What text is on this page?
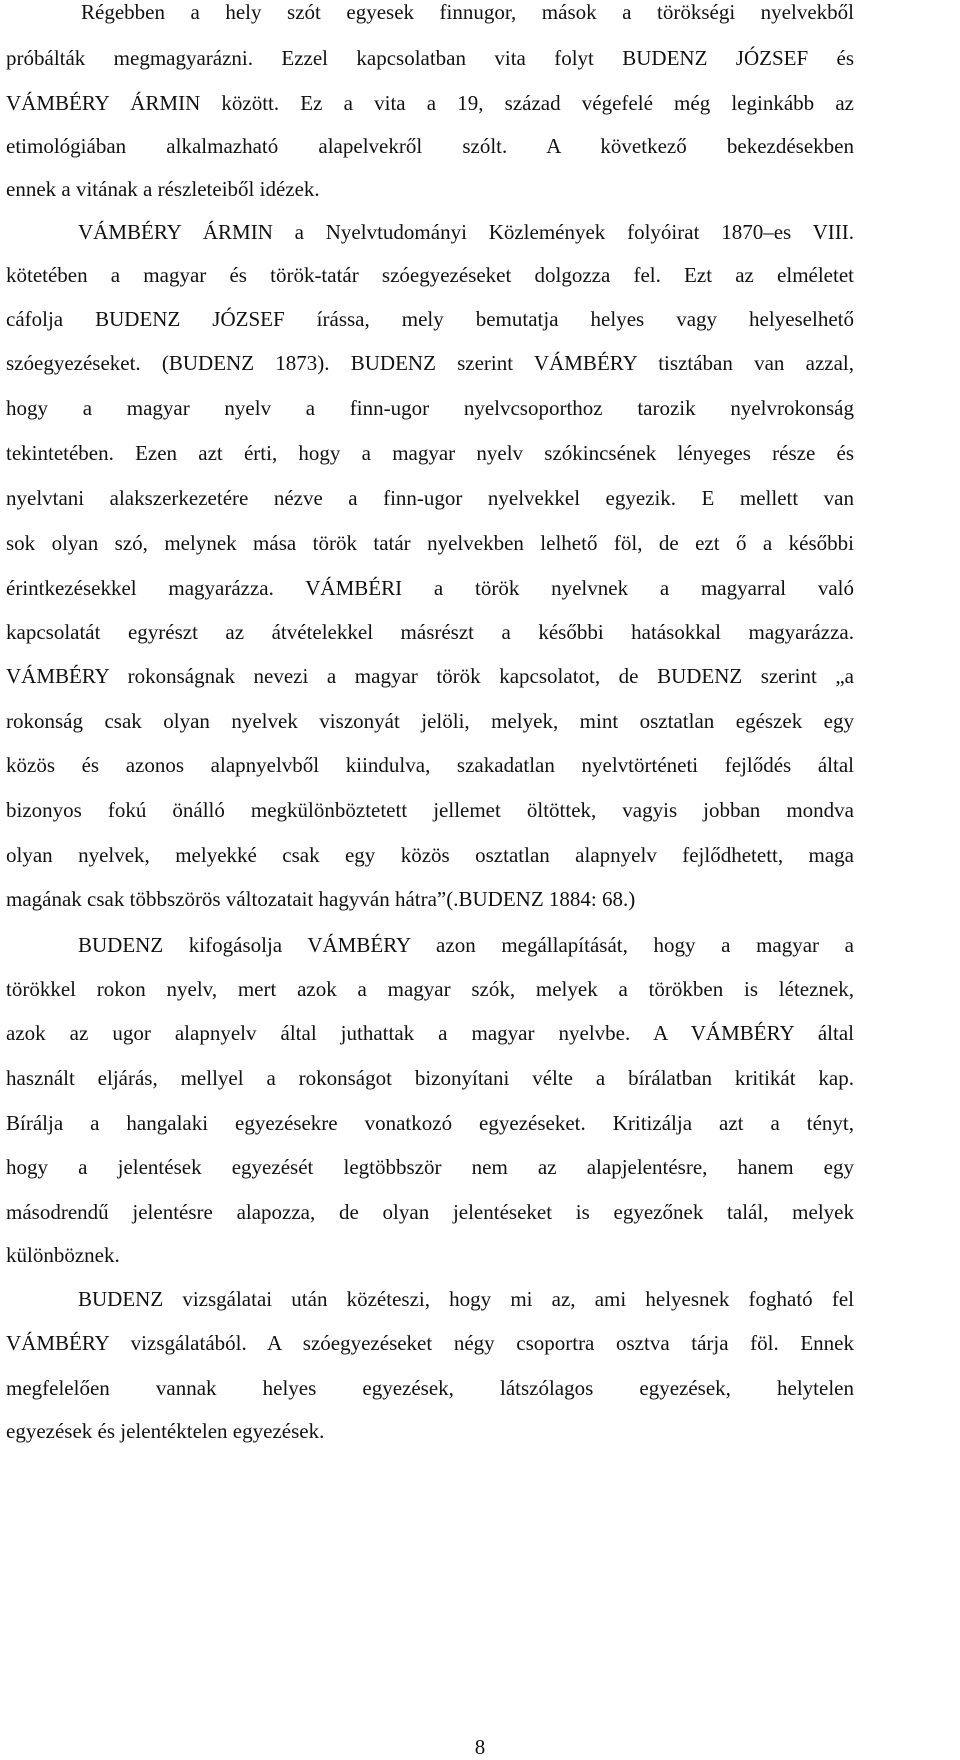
Régebben a hely szót egyesek finnugor, mások a törökségi nyelvekből
próbálták megmagyarázni. Ezzel kapcsolatban vita folyt BUDENZ JÓZSEF és
VÁMBÉRY ÁRMIN között. Ez a vita a 19, század végefelé még leginkább az
etimológiában alkalmazható alapelvekről szólt. A következő bekezdésekben
ennek a vitának a részleteiből idézek.
VÁMBÉRY ÁRMIN a Nyelvtudományi Közlemények folyóirat 1870–es VIII.
kötetében a magyar és török-tatár szóegyezéseket dolgozza fel. Ezt az elméletet
cáfolja BUDENZ JÓZSEF írássa, mely bemutatja helyes vagy helyeselhető
szóegyezéseket. (BUDENZ 1873). BUDENZ szerint VÁMBÉRY tisztában van azzal,
hogy a magyar nyelv a finn-ugor nyelvcsoporthoz tarozik nyelvrokonság
tekintetében. Ezen azt érti, hogy a magyar nyelv szókincsének lényeges része és
nyelvtani alakszerkezetére nézve a finn-ugor nyelvekkel egyezik. E mellett van
sok olyan szó, melynek mása török tatár nyelvekben lelhető föl, de ezt ő a későbbi
érintkezésekkel magyarázza. VÁMBÉRI a török nyelvnek a magyarral való
kapcsolatát egyrészt az átvételekkel másrészt a későbbi hatásokkal magyarázza.
VÁMBÉRY rokonságnak nevezi a magyar török kapcsolatot, de BUDENZ szerint „a
rokonság csak olyan nyelvek viszonyát jelöli, melyek, mint osztatlan egészek egy
közös és azonos alapnyelvből kiindulva, szakadatlan nyelvtörténeti fejlődés által
bizonyos fokú önálló megkülönböztetett jellemet öltöttek, vagyis jobban mondva
olyan nyelvek, melyekké csak egy közös osztatlan alapnyelv fejlődhetett, maga
magának csak többszörös változatait hagyván hátra”(.BUDENZ 1884: 68.)
BUDENZ kifogásolja VÁMBÉRY azon megállapítását, hogy a magyar a
törökkel rokon nyelv, mert azok a magyar szók, melyek a törökben is léteznek,
azok az ugor alapnyelv által juthattak a magyar nyelvbe. A VÁMBÉRY által
használt eljárás, mellyel a rokonságot bizonyítani vélte a bírálatban kritikát kap.
Bírálja a hangalaki egyezésekre vonatkozó egyezéseket. Kritizálja azt a tényt,
hogy a jelentések egyezését legtöbbször nem az alapjelentésre, hanem egy
másodrendű jelentésre alapozza, de olyan jelentéseket is egyezőnek talál, melyek
különböznek.
BUDENZ vizsgálatai után közéteszi, hogy mi az, ami helyesnek fogható fel
VÁMBÉRY vizsgálatából. A szóegyezéseket négy csoportra osztva tárja föl. Ennek
megfelelően vannak helyes egyezések, látszólagos egyezések, helytelen
egyezések és jelentéktelen egyezések.
8
